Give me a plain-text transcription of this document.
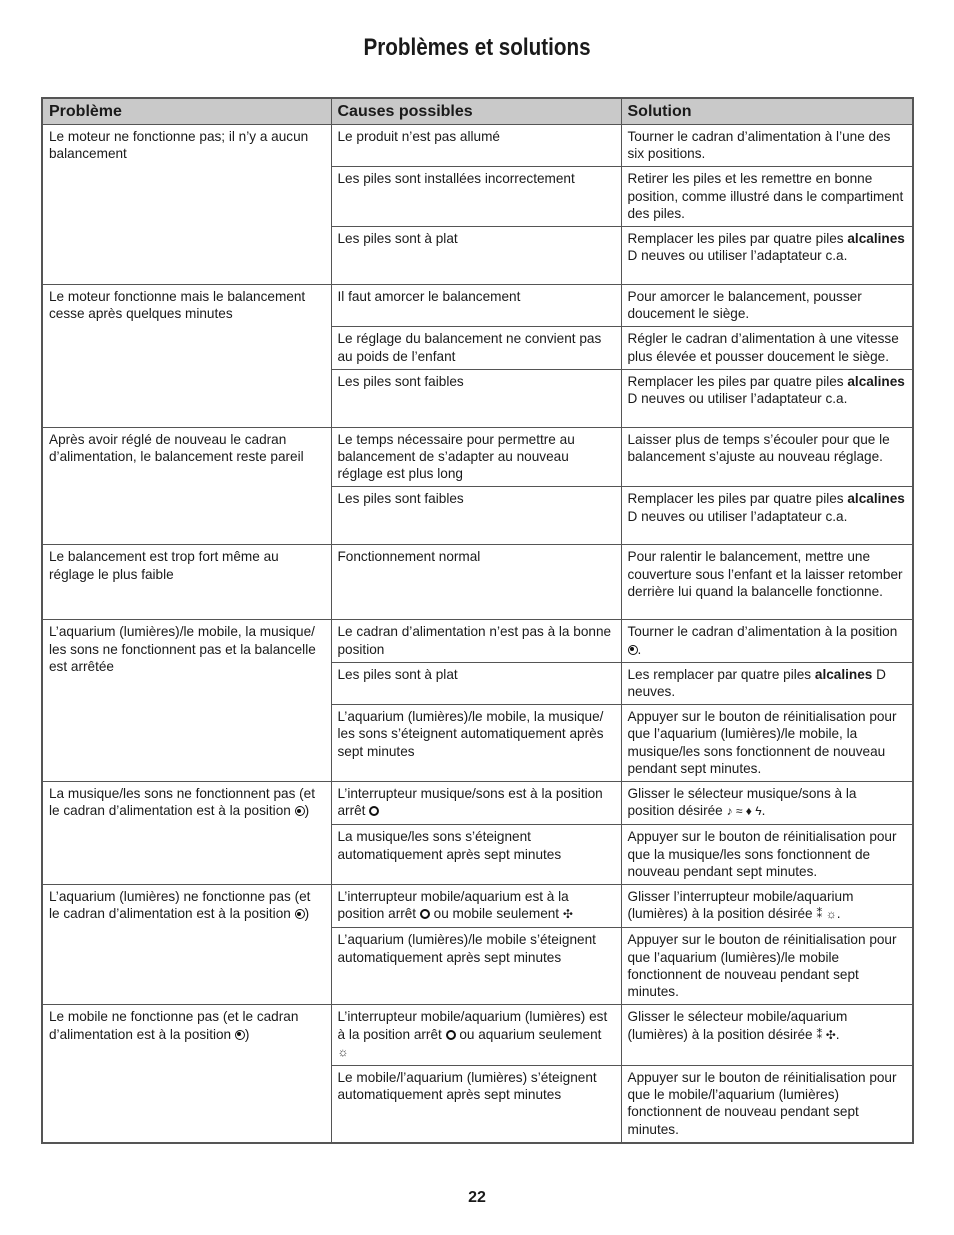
Problèmes et solutions
Problème	Causes possibles	Solution
Le moteur ne fonctionne pas; il n’y a aucun balancement	Le produit n’est pas allumé	Tourner le cadran d’alimentation à l’une des six positions.
	Les piles sont installées incorrectement	Retirer les piles et les remettre en bonne position, comme illustré dans le compartiment des piles.
	Les piles sont à plat	Remplacer les piles par quatre piles alcalines D neuves ou utiliser l’adaptateur c.a.
Le moteur fonctionne mais le balancement cesse après quelques minutes	Il faut amorcer le balancement	Pour amorcer le balancement, pousser doucement le siège.
	Le réglage du balancement ne convient pas au poids de l’enfant	Régler le cadran d’alimentation à une vitesse plus élevée et pousser doucement le siège.
	Les piles sont faibles	Remplacer les piles par quatre piles alcalines D neuves ou utiliser l’adaptateur c.a.
Après avoir réglé de nouveau le cadran d’alimentation, le balancement reste pareil	Le temps nécessaire pour permettre au balancement de s’adapter au nouveau réglage est plus long	Laisser plus de temps s’écouler pour que le balancement s’ajuste au nouveau réglage.
	Les piles sont faibles	Remplacer les piles par quatre piles alcalines D neuves ou utiliser l’adaptateur c.a.
Le balancement est trop fort même au réglage le plus faible	Fonctionnement normal	Pour ralentir le balancement, mettre une couverture sous l’enfant et la laisser retomber derrière lui quand la balancelle fonctionne.
L’aquarium (lumières)/le mobile, la musique/ les sons ne fonctionnent pas et la balancelle est arrêtée	Le cadran d’alimentation n’est pas à la bonne position	Tourner le cadran d’alimentation à la position .
	Les piles sont à plat	Les remplacer par quatre piles alcalines D neuves.
	L’aquarium (lumières)/le mobile, la musique/ les sons s’éteignent automatiquement après sept minutes	Appuyer sur le bouton de réinitialisation pour que l’aquarium (lumières)/le mobile, la musique/les sons fonctionnent de nouveau pendant sept minutes.
La musique/les sons ne fonctionnent pas (et le cadran d’alimentation est à la position )	L’interrupteur musique/sons est à la position arrêt	Glisser le sélecteur musique/sons à la position désirée ♪ ≈ ♦ ϟ.
	La musique/les sons s’éteignent automatiquement après sept minutes	Appuyer sur le bouton de réinitialisation pour que la musique/les sons fonctionnent de nouveau pendant sept minutes.
L’aquarium (lumières) ne fonctionne pas (et le cadran d’alimentation est à la position )	L’interrupteur mobile/aquarium est à la position arrêt  ou mobile seulement ✣	Glisser l’interrupteur mobile/aquarium (lumières) à la position désirée ⁑ ☼.
	L’aquarium (lumières)/le mobile s’éteignent automatiquement après sept minutes	Appuyer sur le bouton de réinitialisation pour que l’aquarium (lumières)/le mobile fonctionnent de nouveau pendant sept minutes.
Le mobile ne fonctionne pas (et le cadran d’alimentation est à la position )	L’interrupteur mobile/aquarium (lumières) est à la position arrêt  ou aquarium seulement ☼	Glisser le sélecteur mobile/aquarium (lumières) à la position désirée ⁑ ✣.
	Le mobile/l’aquarium (lumières) s’éteignent automatiquement après sept minutes	Appuyer sur le bouton de réinitialisation pour que le mobile/l’aquarium (lumières) fonctionnent de nouveau pendant sept minutes.
22
